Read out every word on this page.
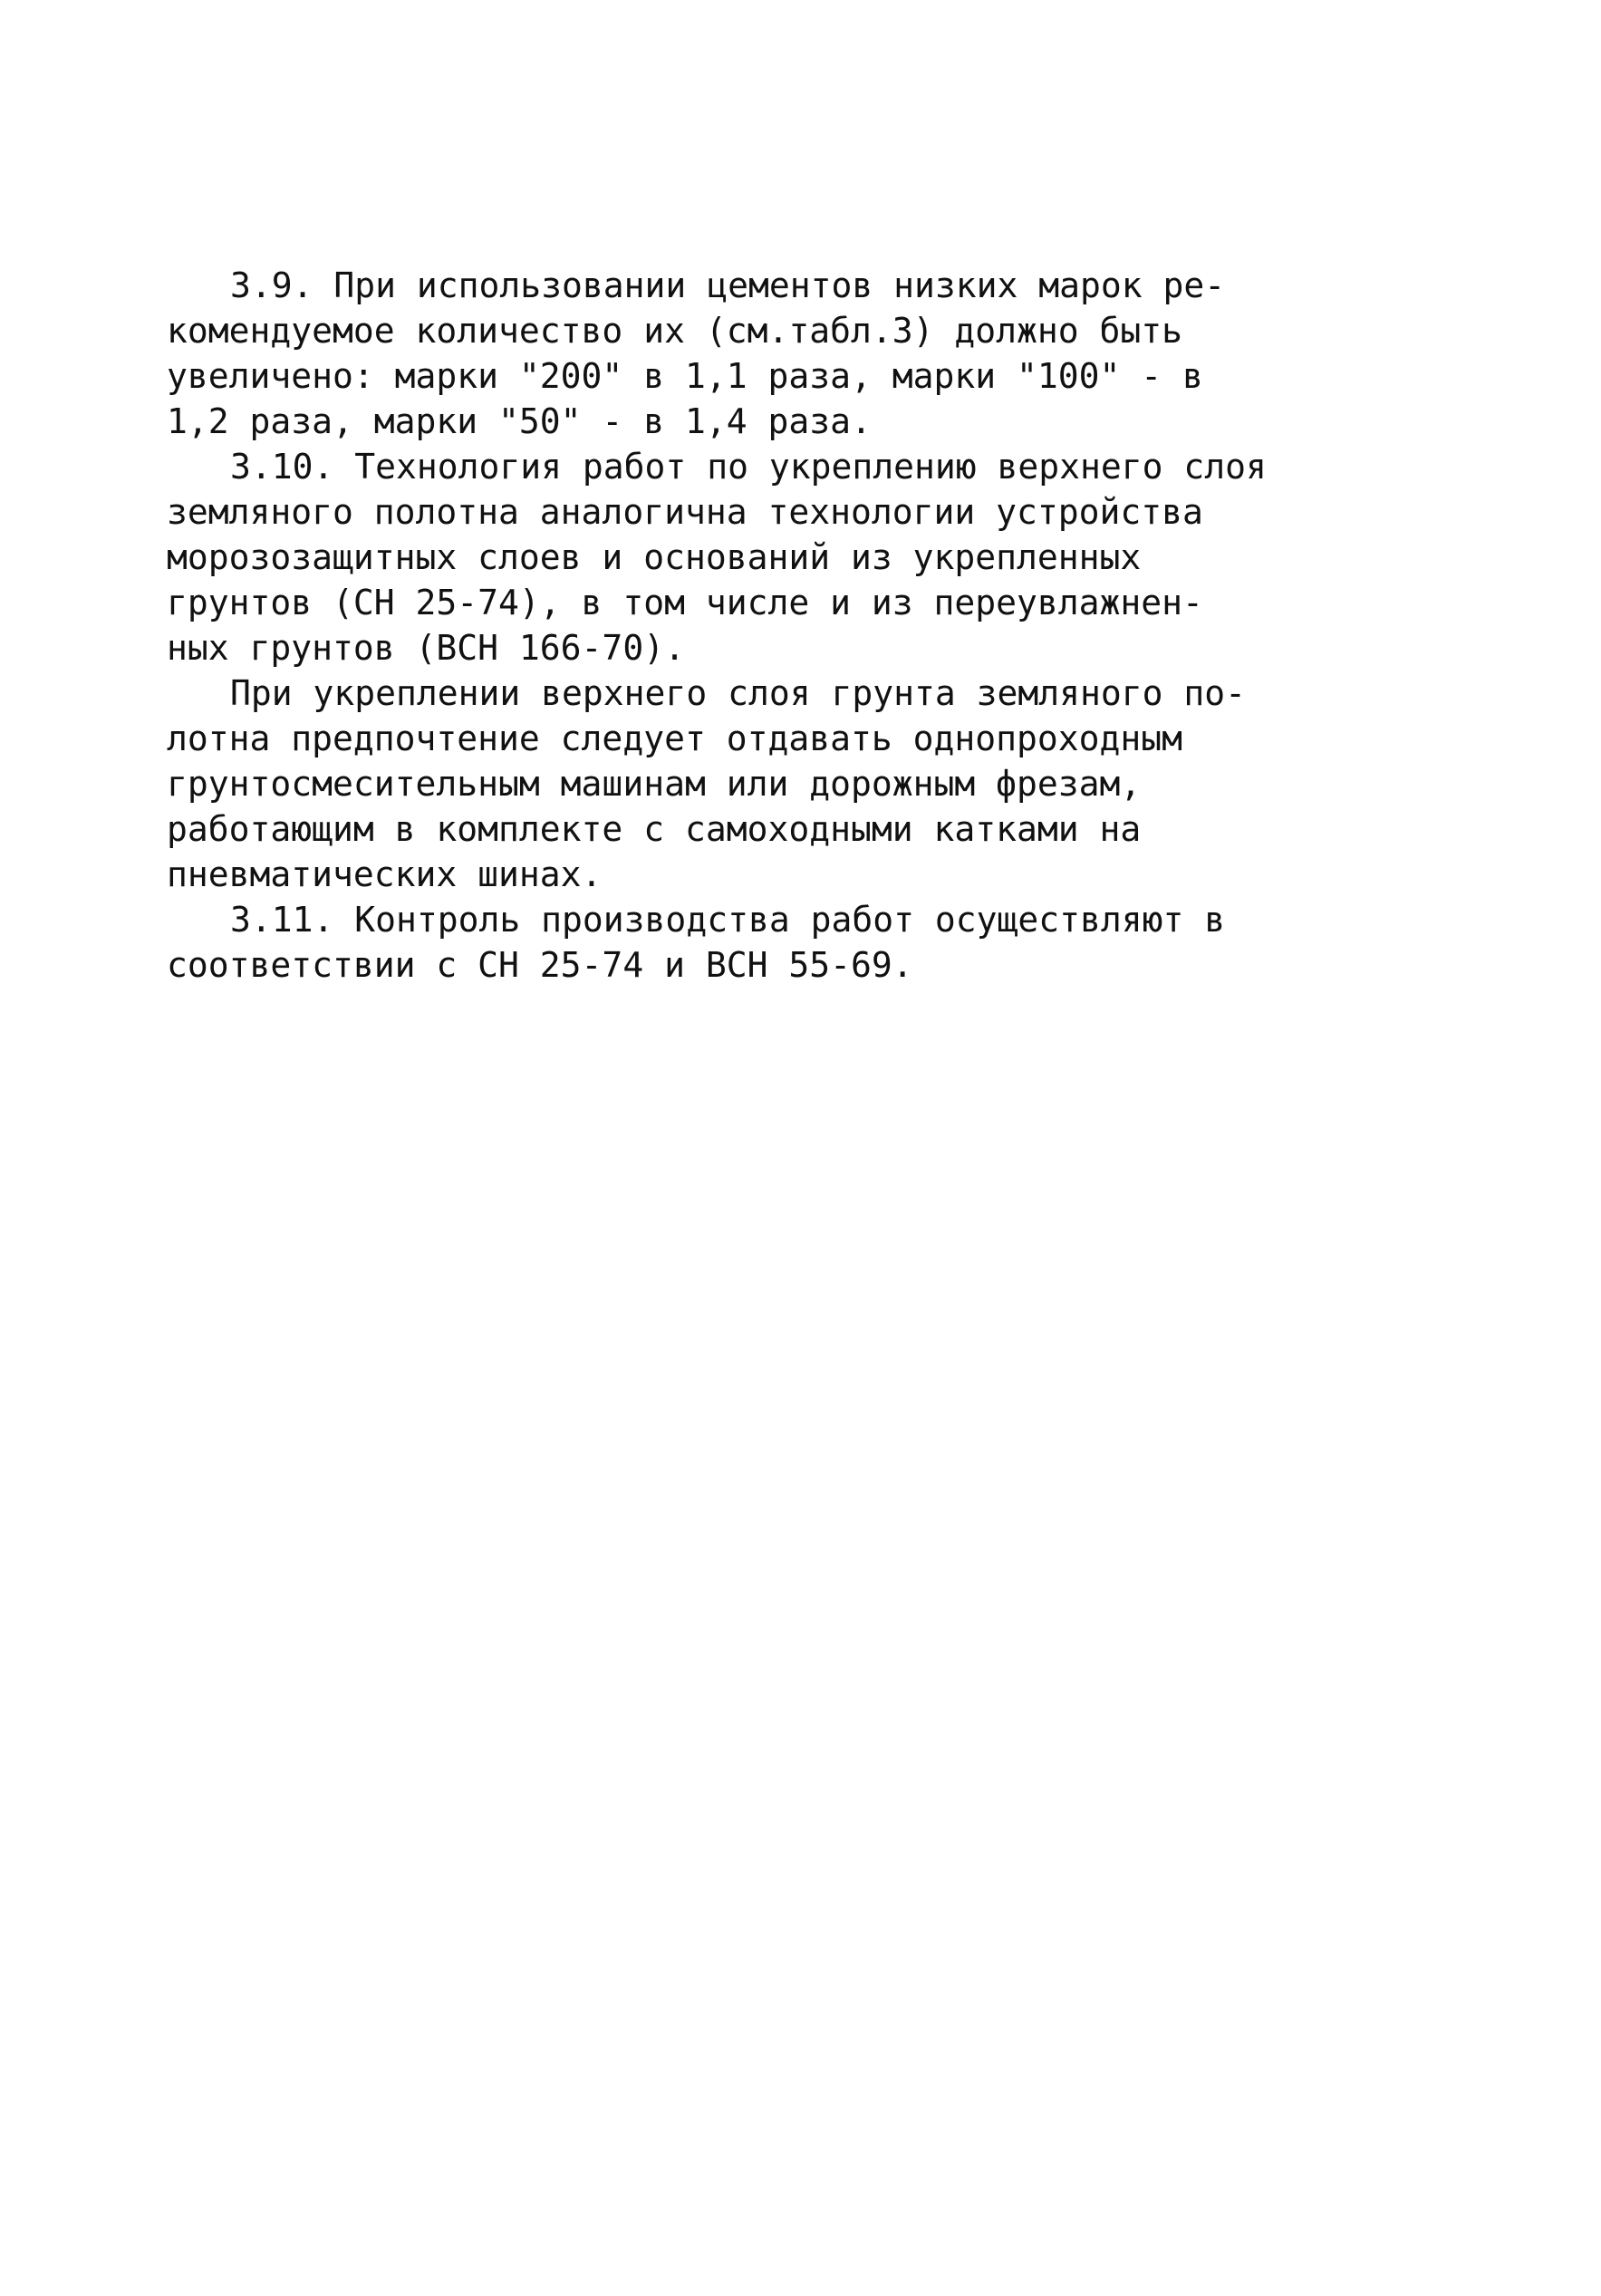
3.9. При использовании цементов низких марок ре-
комендуемое количество их (см.табл.3) должно быть
увеличено: марки "200" в 1,1 раза, марки "100" - в
1,2 раза, марки "50" - в 1,4 раза.
3.10. Технология работ по укреплению верхнего слоя
земляного полотна аналогична технологии устройства
морозозащитных слоев и оснований из укрепленных
грунтов (СН 25-74), в том числе и из переувлажнен-
ных грунтов (ВСН 166-70).
При укреплении верхнего слоя грунта земляного по-
лотна предпочтение следует отдавать однопроходным
грунтосмесительным машинам или дорожным фрезам,
работающим в комплекте с самоходными катками на
пневматических шинах.
3.11. Контроль производства работ осуществляют в
соответствии с СН 25-74 и ВСН 55-69.
